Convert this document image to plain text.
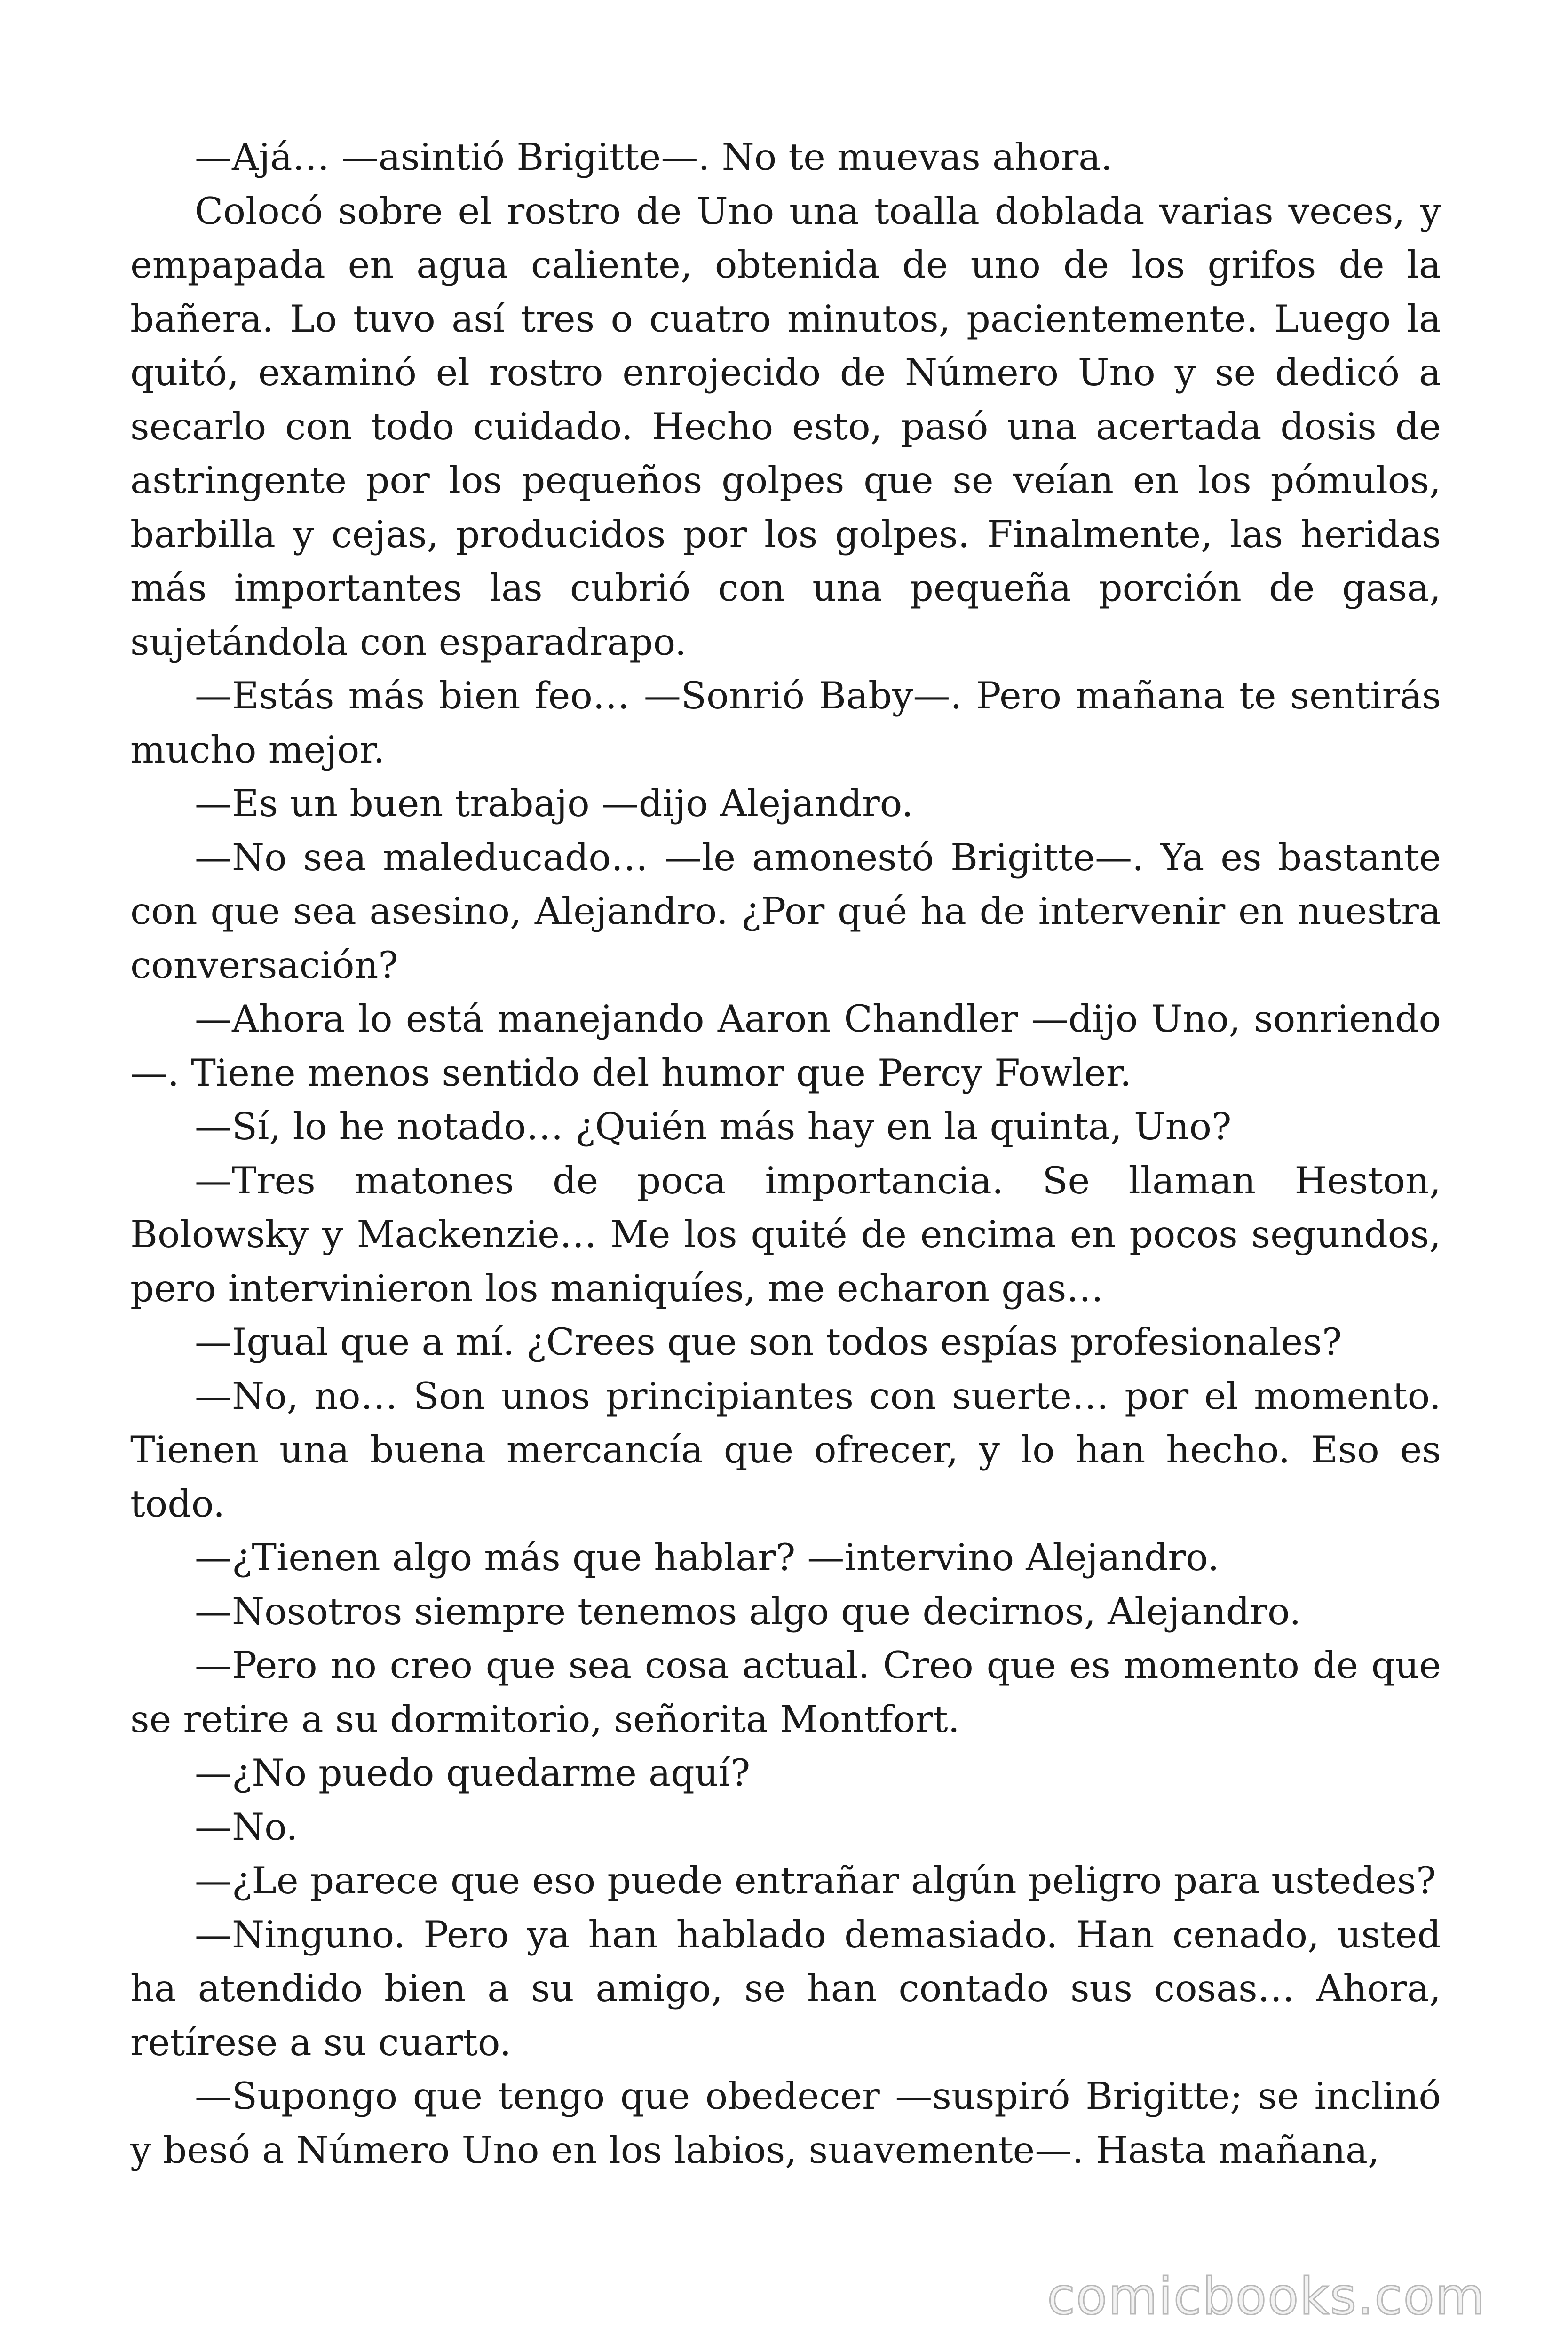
—Ajá… —asintió Brigitte—. No te muevas ahora.

Colocó sobre el rostro de Uno una toalla doblada varias veces, y empapada en agua caliente, obtenida de uno de los grifos de la bañera. Lo tuvo así tres o cuatro minutos, pacientemente. Luego la quitó, examinó el rostro enrojecido de Número Uno y se dedicó a secarlo con todo cuidado. Hecho esto, pasó una acertada dosis de astringente por los pequeños golpes que se veían en los pómulos, barbilla y cejas, producidos por los golpes. Finalmente, las heridas más importantes las cubrió con una pequeña porción de gasa, sujetándola con esparadrapo.

—Estás más bien feo… —Sonrió Baby—. Pero mañana te sentirás mucho mejor.

—Es un buen trabajo —dijo Alejandro.

—No sea maleducado… —le amonestó Brigitte—. Ya es bastante con que sea asesino, Alejandro. ¿Por qué ha de intervenir en nuestra conversación?

—Ahora lo está manejando Aaron Chandler —dijo Uno, sonriendo—. Tiene menos sentido del humor que Percy Fowler.

—Sí, lo he notado… ¿Quién más hay en la quinta, Uno?

—Tres matones de poca importancia. Se llaman Heston, Bolowsky y Mackenzie… Me los quité de encima en pocos segundos, pero intervinieron los maniquíes, me echaron gas…

—Igual que a mí. ¿Crees que son todos espías profesionales?

—No, no… Son unos principiantes con suerte… por el momento. Tienen una buena mercancía que ofrecer, y lo han hecho. Eso es todo.

—¿Tienen algo más que hablar? —intervino Alejandro.

—Nosotros siempre tenemos algo que decirnos, Alejandro.

—Pero no creo que sea cosa actual. Creo que es momento de que se retire a su dormitorio, señorita Montfort.

—¿No puedo quedarme aquí?

—No.

—¿Le parece que eso puede entrañar algún peligro para ustedes?

—Ninguno. Pero ya han hablado demasiado. Han cenado, usted ha atendido bien a su amigo, se han contado sus cosas… Ahora, retírese a su cuarto.

—Supongo que tengo que obedecer —suspiró Brigitte; se inclinó y besó a Número Uno en los labios, suavemente—. Hasta mañana,

comicbooks.com
